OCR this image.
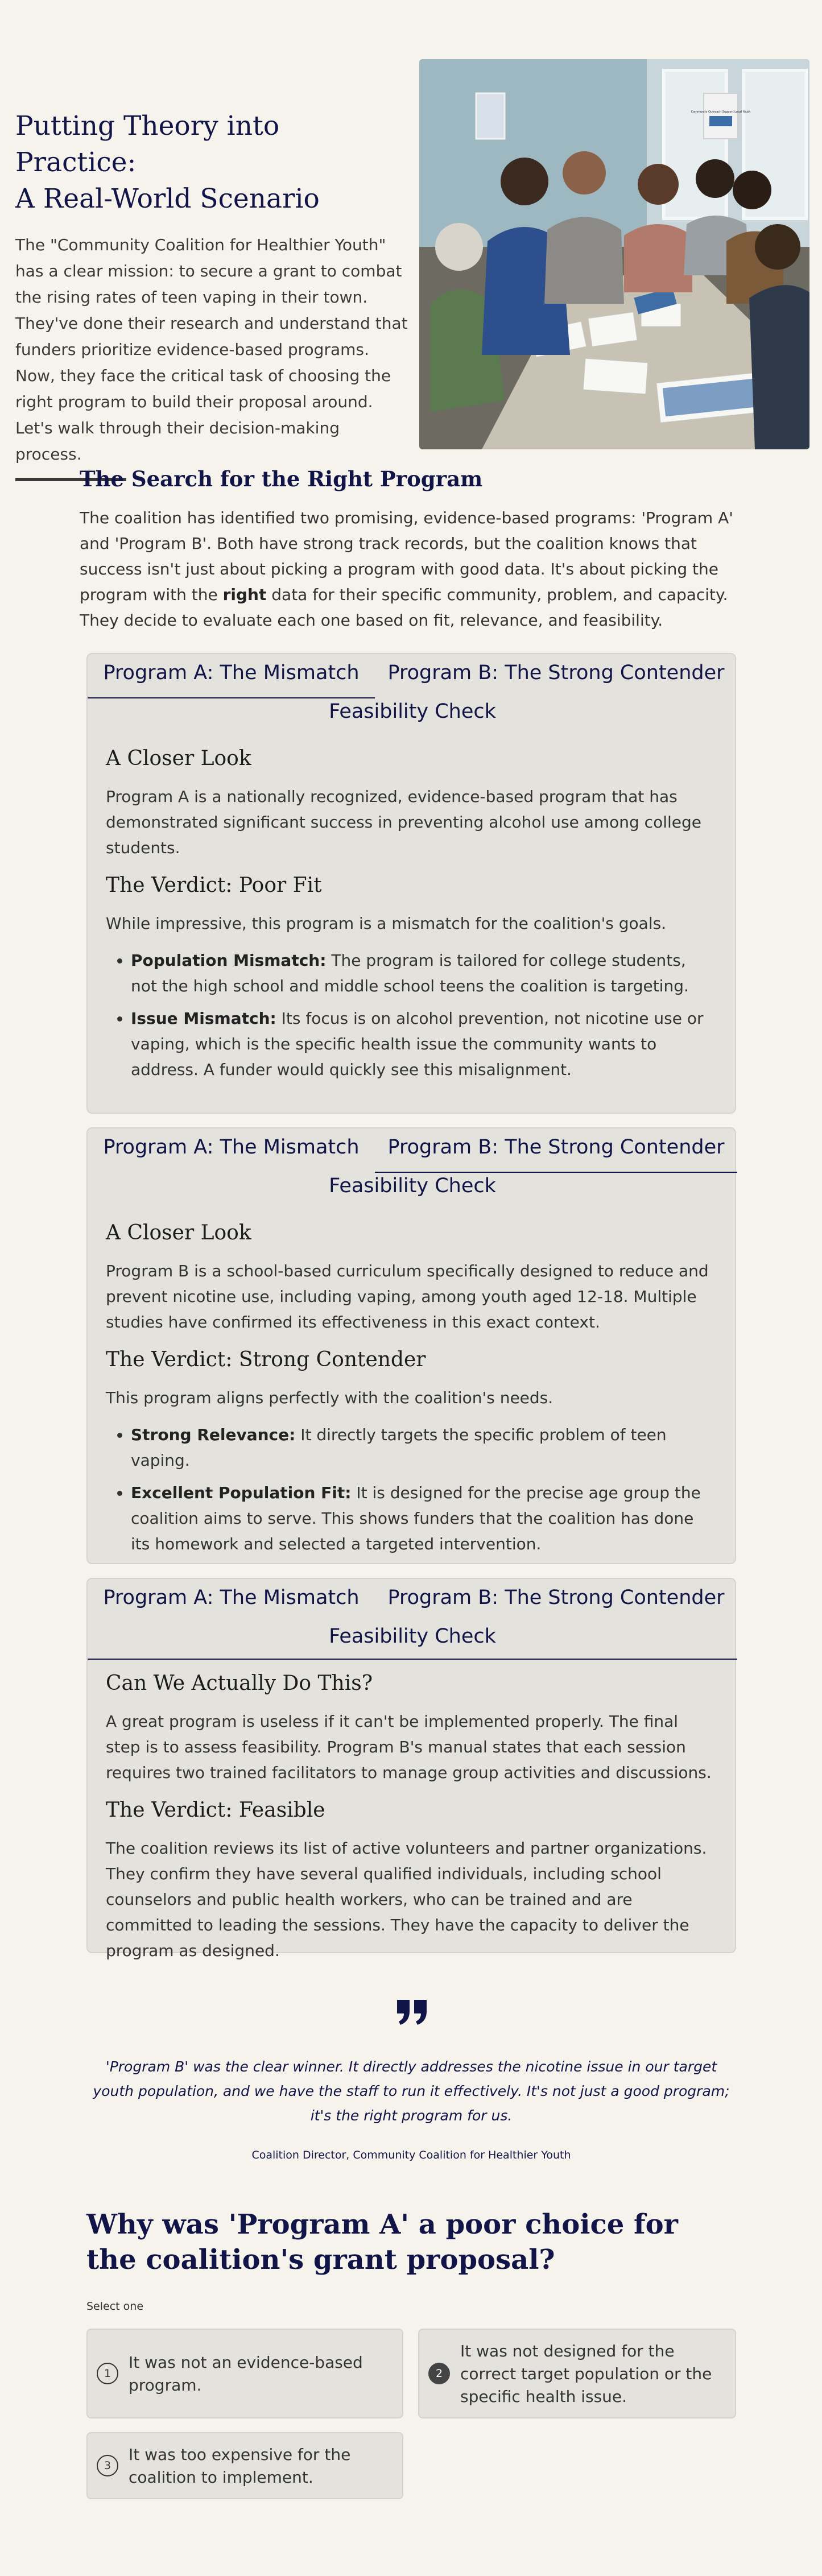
Putting Theory into Practice:
A Real-World Scenario

The "Community Coalition for Healthier Youth" has a clear mission: to secure a grant to combat the rising rates of teen vaping in their town. They've done their research and understand that funders prioritize evidence-based programs. Now, they face the critical task of choosing the right program to build their proposal around. Let's walk through their decision-making process.

Community Outreach Support Local Youth
The Search for the Right Program

The coalition has identified two promising, evidence-based programs: 'Program A' and 'Program B'. Both have strong track records, but the coalition knows that success isn't just about picking a program with good data. It's about picking the program with the right data for their specific community, problem, and capacity. They decide to evaluate each one based on fit, relevance, and feasibility.

Program A: The Mismatch	Program B: The Strong Contender
Feasibility Check
A Closer Look

Program A is a nationally recognized, evidence-based program that has demonstrated significant success in preventing alcohol use among college students.

The Verdict: Poor Fit

While impressive, this program is a mismatch for the coalition's goals.

• Population Mismatch: The program is tailored for college students, not the high school and middle school teens the coalition is targeting.
• Issue Mismatch: Its focus is on alcohol prevention, not nicotine use or vaping, which is the specific health issue the community wants to address. A funder would quickly see this misalignment.
Program A: The Mismatch	Program B: The Strong Contender
Feasibility Check
A Closer Look

Program B is a school-based curriculum specifically designed to reduce and prevent nicotine use, including vaping, among youth aged 12-18. Multiple studies have confirmed its effectiveness in this exact context.

The Verdict: Strong Contender

This program aligns perfectly with the coalition's needs.

• Strong Relevance: It directly targets the specific problem of teen vaping.
• Excellent Population Fit: It is designed for the precise age group the coalition aims to serve. This shows funders that the coalition has done its homework and selected a targeted intervention.
Program A: The Mismatch	Program B: The Strong Contender
Feasibility Check
Can We Actually Do This?

A great program is useless if it can't be implemented properly. The final step is to assess feasibility. Program B's manual states that each session requires two trained facilitators to manage group activities and discussions.

The Verdict: Feasible

The coalition reviews its list of active volunteers and partner organizations. They confirm they have several qualified individuals, including school counselors and public health workers, who can be trained and are committed to leading the sessions. They have the capacity to deliver the program as designed.

'Program B' was the clear winner. It directly addresses the nicotine issue in our target youth population, and we have the staff to run it effectively. It's not just a good program; it's the right program for us.

Coalition Director, Community Coalition for Healthier Youth

Why was 'Program A' a poor choice for the coalition's grant proposal?
Select one
1
It was not an evidence-based program.
2
It was not designed for the correct target population or the specific health issue.
3
It was too expensive for the coalition to implement.
